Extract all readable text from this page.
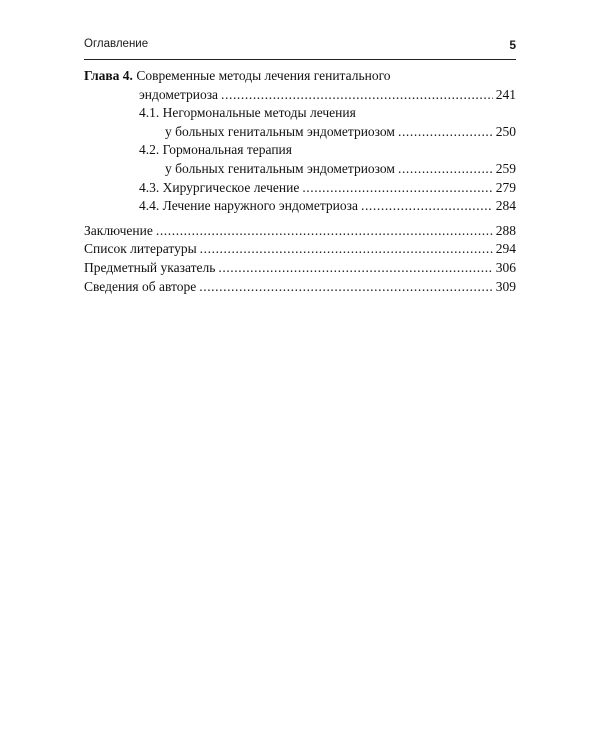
Оглавление	5
Глава 4. Современные методы лечения генитального
эндометриоза .....	241
4.1. Негормональные методы лечения
у больных генитальным эндометриозом .....	250
4.2. Гормональная терапия
у больных генитальным эндометриозом .....	259
4.3. Хирургическое лечение .....	279
4.4. Лечение наружного эндометриоза .....	284
Заключение .....	288
Список литературы .....	294
Предметный указатель .....	306
Сведения об авторе .....	309
